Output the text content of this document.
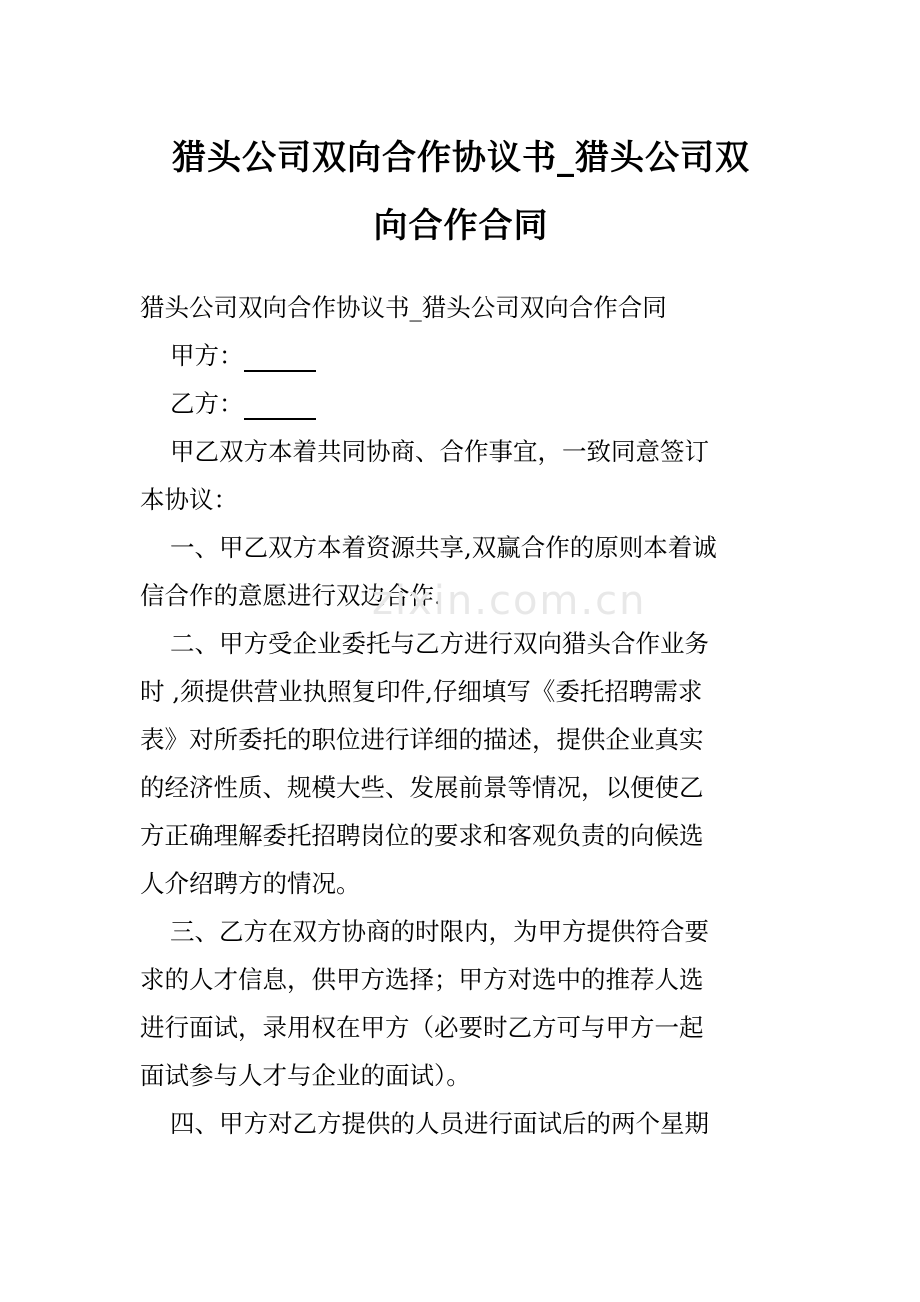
猎头公司双向合作协议书_猎头公司双
向合作合同
猎头公司双向合作协议书_猎头公司双向合作合同
甲方：
乙方：
甲乙双方本着共同协商、合作事宜，一致同意签订
本协议：
一、甲乙双方本着资源共享,双赢合作的原则本着诚
信合作的意愿进行双边合作.
二、甲方受企业委托与乙方进行双向猎头合作业务
时 ,须提供营业执照复印件,仔细填写《委托招聘需求
表》对所委托的职位进行详细的描述，提供企业真实
的经济性质、规模大些、发展前景等情况，以便使乙
方正确理解委托招聘岗位的要求和客观负责的向候选
人介绍聘方的情况。
三、乙方在双方协商的时限内，为甲方提供符合要
求的人才信息，供甲方选择；甲方对选中的推荐人选
进行面试，录用权在甲方（必要时乙方可与甲方一起
面试参与人才与企业的面试）。
四、甲方对乙方提供的人员进行面试后的两个星期
zixin.com.cn
